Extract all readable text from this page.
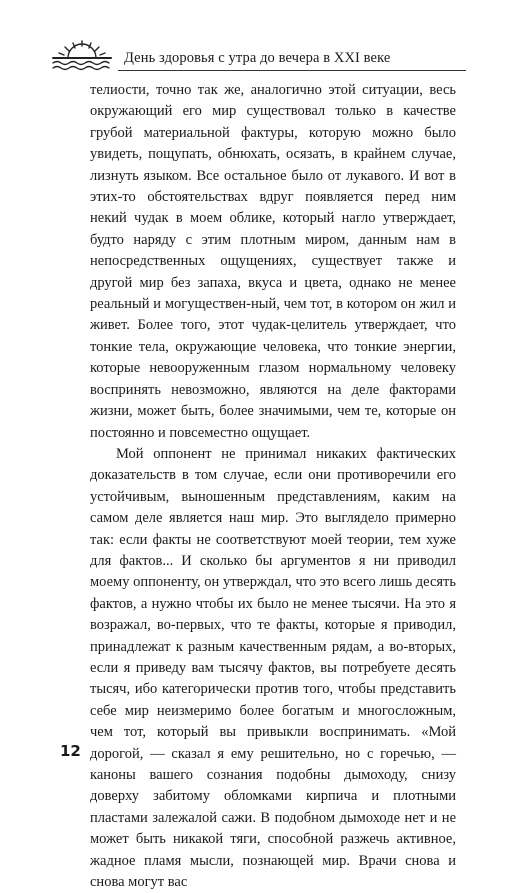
День здоровья с утра до вечера в XXI веке

телиости, точно так же, аналогично этой ситуации, весь окружающий его мир существовал только в качестве грубой материальной фактуры, которую можно было увидеть, пощупать, обнюхать, осязать, в крайнем случае, лизнуть языком. Все остальное было от лукавого. И вот в этих-то обстоятельствах вдруг появляется перед ним некий чудак в моем облике, который нагло утверждает, будто наряду с этим плотным миром, данным нам в непосредственных ощущениях, существует также и другой мир без запаха, вкуса и цвета, однако не менее реальный и могуществен-ный, чем тот, в котором он жил и живет. Более того, этот чудак-целитель утверждает, что тонкие тела, окружающие человека, что тонкие энергии, которые невооруженным глазом нормальному человеку воспринять невозможно, являются на деле факторами жизни, может быть, более значимыми, чем те, которые он постоянно и повсеместно ощущает.

Мой оппонент не принимал никаких фактических доказательств в том случае, если они противоречили его устойчивым, выношенным представлениям, каким на самом деле является наш мир. Это выглядело примерно так: если факты не соответствуют моей теории, тем хуже для фактов... И сколько бы аргументов я ни приводил моему оппоненту, он утверждал, что это всего лишь десять фактов, а нужно чтобы их было не менее тысячи. На это я возражал, во-первых, что те факты, которые я приводил, принадлежат к разным качественным рядам, а во-вторых, если я приведу вам тысячу фактов, вы потребуете десять тысяч, ибо категорически против того, чтобы представить себе мир неизмеримо более богатым и многосложным, чем тот, который вы привыкли воспринимать. «Мой дорогой, — сказал я ему решительно, но с горечью, — каноны вашего сознания подобны дымоходу, снизу доверху забитому обломками кирпича и плотными пластами залежалой сажи. В подобном дымоходе нет и не может быть никакой тяги, способной разжечь активное, жадное пламя мысли, познающей мир. Врачи снова и снова могут вас

12
